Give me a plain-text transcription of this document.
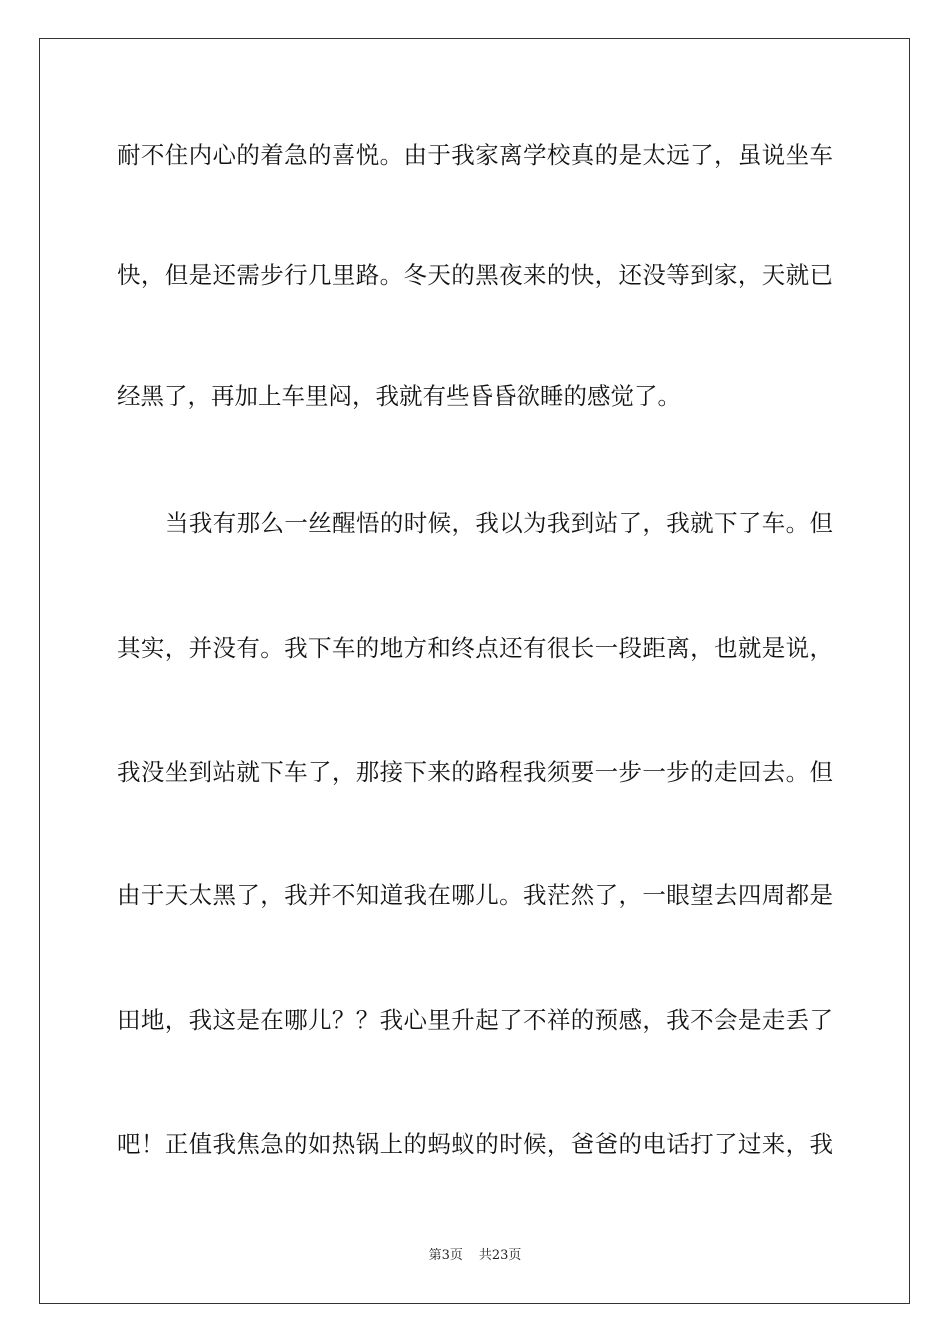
耐不住内心的着急的喜悦。由于我家离学校真的是太远了，虽说坐车
快，但是还需步行几里路。冬天的黑夜来的快，还没等到家，天就已
经黑了，再加上车里闷，我就有些昏昏欲睡的感觉了。
当我有那么一丝醒悟的时候，我以为我到站了，我就下了车。但
其实，并没有。我下车的地方和终点还有很长一段距离，也就是说，
我没坐到站就下车了，那接下来的路程我须要一步一步的走回去。但
由于天太黑了，我并不知道我在哪儿。我茫然了，一眼望去四周都是
田地，我这是在哪儿？？我心里升起了不祥的预感，我不会是走丢了
吧！正值我焦急的如热锅上的蚂蚁的时候，爸爸的电话打了过来，我
第3页 共23页
